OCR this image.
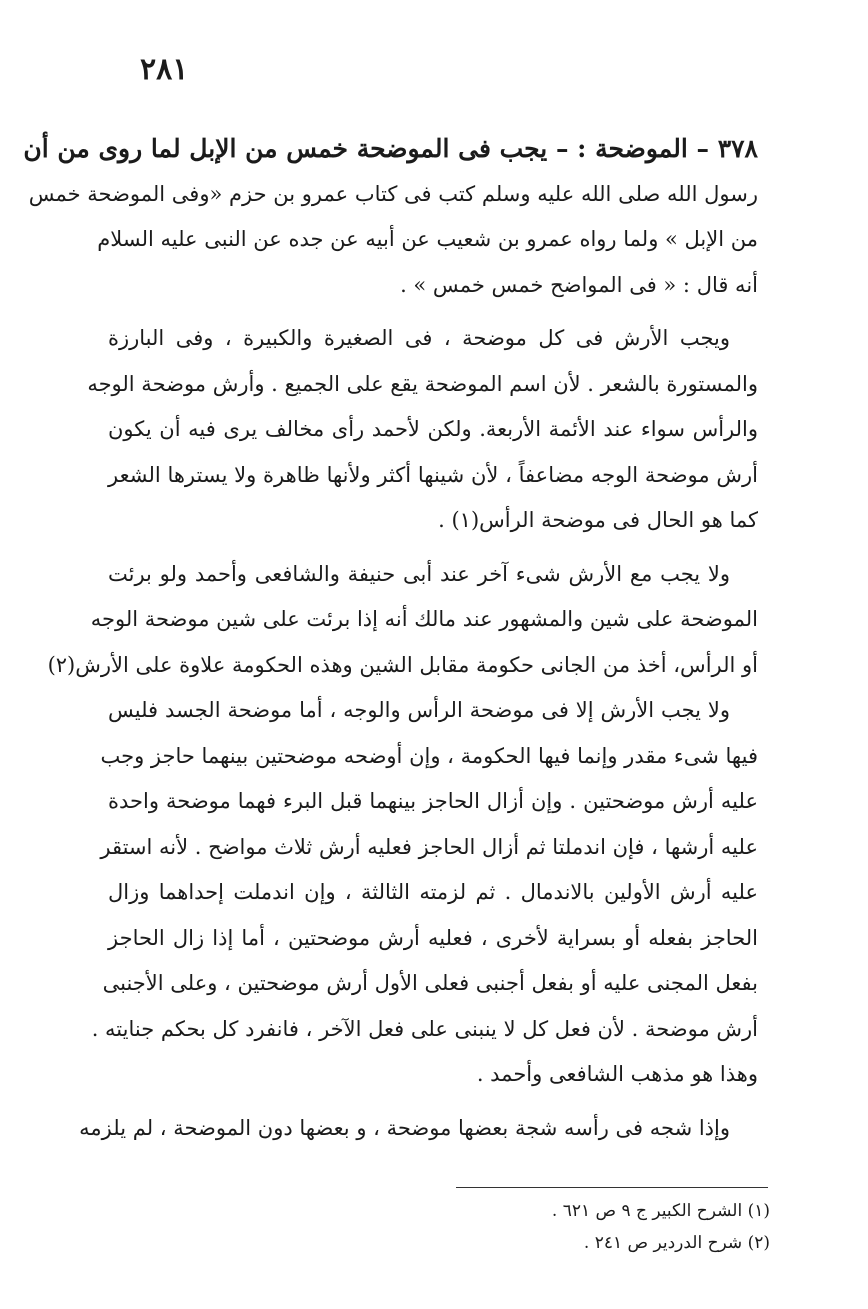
٢٨١
٣٧٨ – الموضحة : – يجب فى الموضحة خمس من الإبل لما روى من أن
رسول الله صلى الله عليه وسلم كتب فى كتاب عمرو بن حزم «وفى الموضحة خمس
من الإبل » ولما رواه عمرو بن شعيب عن أبيه عن جده عن النبى عليه السلام
أنه قال : « فى المواضح خمس خمس » .
ويجب الأرش فى كل موضحة ، فى الصغيرة والكبيرة ، وفى البارزة
والمستورة بالشعر . لأن اسم الموضحة يقع على الجميع . وأرش موضحة الوجه
والرأس سواء عند الأئمة الأربعة. ولكن لأحمد رأى مخالف يرى فيه أن يكون
أرش موضحة الوجه مضاعفاً ، لأن شينها أكثر ولأنها ظاهرة ولا يسترها الشعر
كما هو الحال فى موضحة الرأس(١) .
ولا يجب مع الأرش شىء آخر عند أبى حنيفة والشافعى وأحمد ولو برئت
الموضحة على شين والمشهور عند مالك أنه إذا برئت على شين موضحة الوجه
أو الرأس، أخذ من الجانى حكومة مقابل الشين وهذه الحكومة علاوة على الأرش(٢)
ولا يجب الأرش إلا فى موضحة الرأس والوجه ، أما موضحة الجسد فليس
فيها شىء مقدر وإنما فيها الحكومة ، وإن أوضحه موضحتين بينهما حاجز وجب
عليه أرش موضحتين . وإن أزال الحاجز بينهما قبل البرء فهما موضحة واحدة
عليه أرشها ، فإن اندملتا ثم أزال الحاجز فعليه أرش ثلاث مواضح . لأنه استقر
عليه أرش الأولين بالاندمال . ثم لزمته الثالثة ، وإن اندملت إحداهما وزال
الحاجز بفعله أو بسراية لأخرى ، فعليه أرش موضحتين ، أما إذا زال الحاجز
بفعل المجنى عليه أو بفعل أجنبى فعلى الأول أرش موضحتين ، وعلى الأجنبى
أرش موضحة . لأن فعل كل لا ينبنى على فعل الآخر ، فانفرد كل بحكم جنايته .
وهذا هو مذهب الشافعى وأحمد .
وإذا شجه فى رأسه شجة بعضها موضحة ، و بعضها دون الموضحة ، لم يلزمه
(١) الشرح الكبير ج ٩ ص ٦٢١ .
(٢) شرح الدردير ص ٢٤١ .
